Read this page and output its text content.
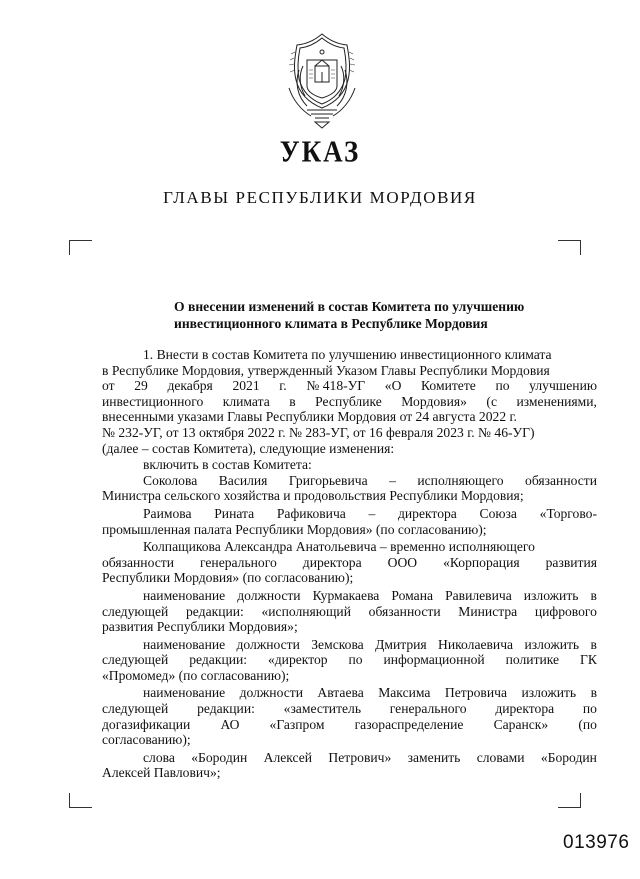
УКАЗ
ГЛАВЫ РЕСПУБЛИКИ МОРДОВИЯ
О внесении изменений в состав Комитета по улучшению
инвестиционного климата в Республике Мордовия
1. Внести в состав Комитета по улучшению инвестиционного климата
в Республике Мордовия, утвержденный Указом Главы Республики Мордовия
от 29 декабря 2021 г. № 418-УГ «О Комитете по улучшению
инвестиционного климата в Республике Мордовия» (с изменениями,
внесенными указами Главы Республики Мордовия от 24 августа 2022 г.
№ 232-УГ, от 13 октября 2022 г. № 283-УГ, от 16 февраля 2023 г. № 46-УГ)
(далее – состав Комитета), следующие изменения:
включить в состав Комитета:
Соколова Василия Григорьевича – исполняющего обязанности
Министра сельского хозяйства и продовольствия Республики Мордовия;
Раимова Рината Рафиковича – директора Союза «Торгово-
промышленная палата Республики Мордовия» (по согласованию);
Колпащикова Александра Анатольевича – временно исполняющего
обязанности генерального директора ООО «Корпорация развития
Республики Мордовия» (по согласованию);
наименование должности Курмакаева Романа Равилевича изложить в
следующей редакции: «исполняющий обязанности Министра цифрового
развития Республики Мордовия»;
наименование должности Земскова Дмитрия Николаевича изложить в
следующей редакции: «директор по информационной политике ГК
«Промомед» (по согласованию);
наименование должности Автаева Максима Петровича изложить в
следующей редакции: «заместитель генерального директора по
догазификации АО «Газпром газораспределение Саранск» (по
согласованию);
слова «Бородин Алексей Петрович» заменить словами «Бородин
Алексей Павлович»;
013976
